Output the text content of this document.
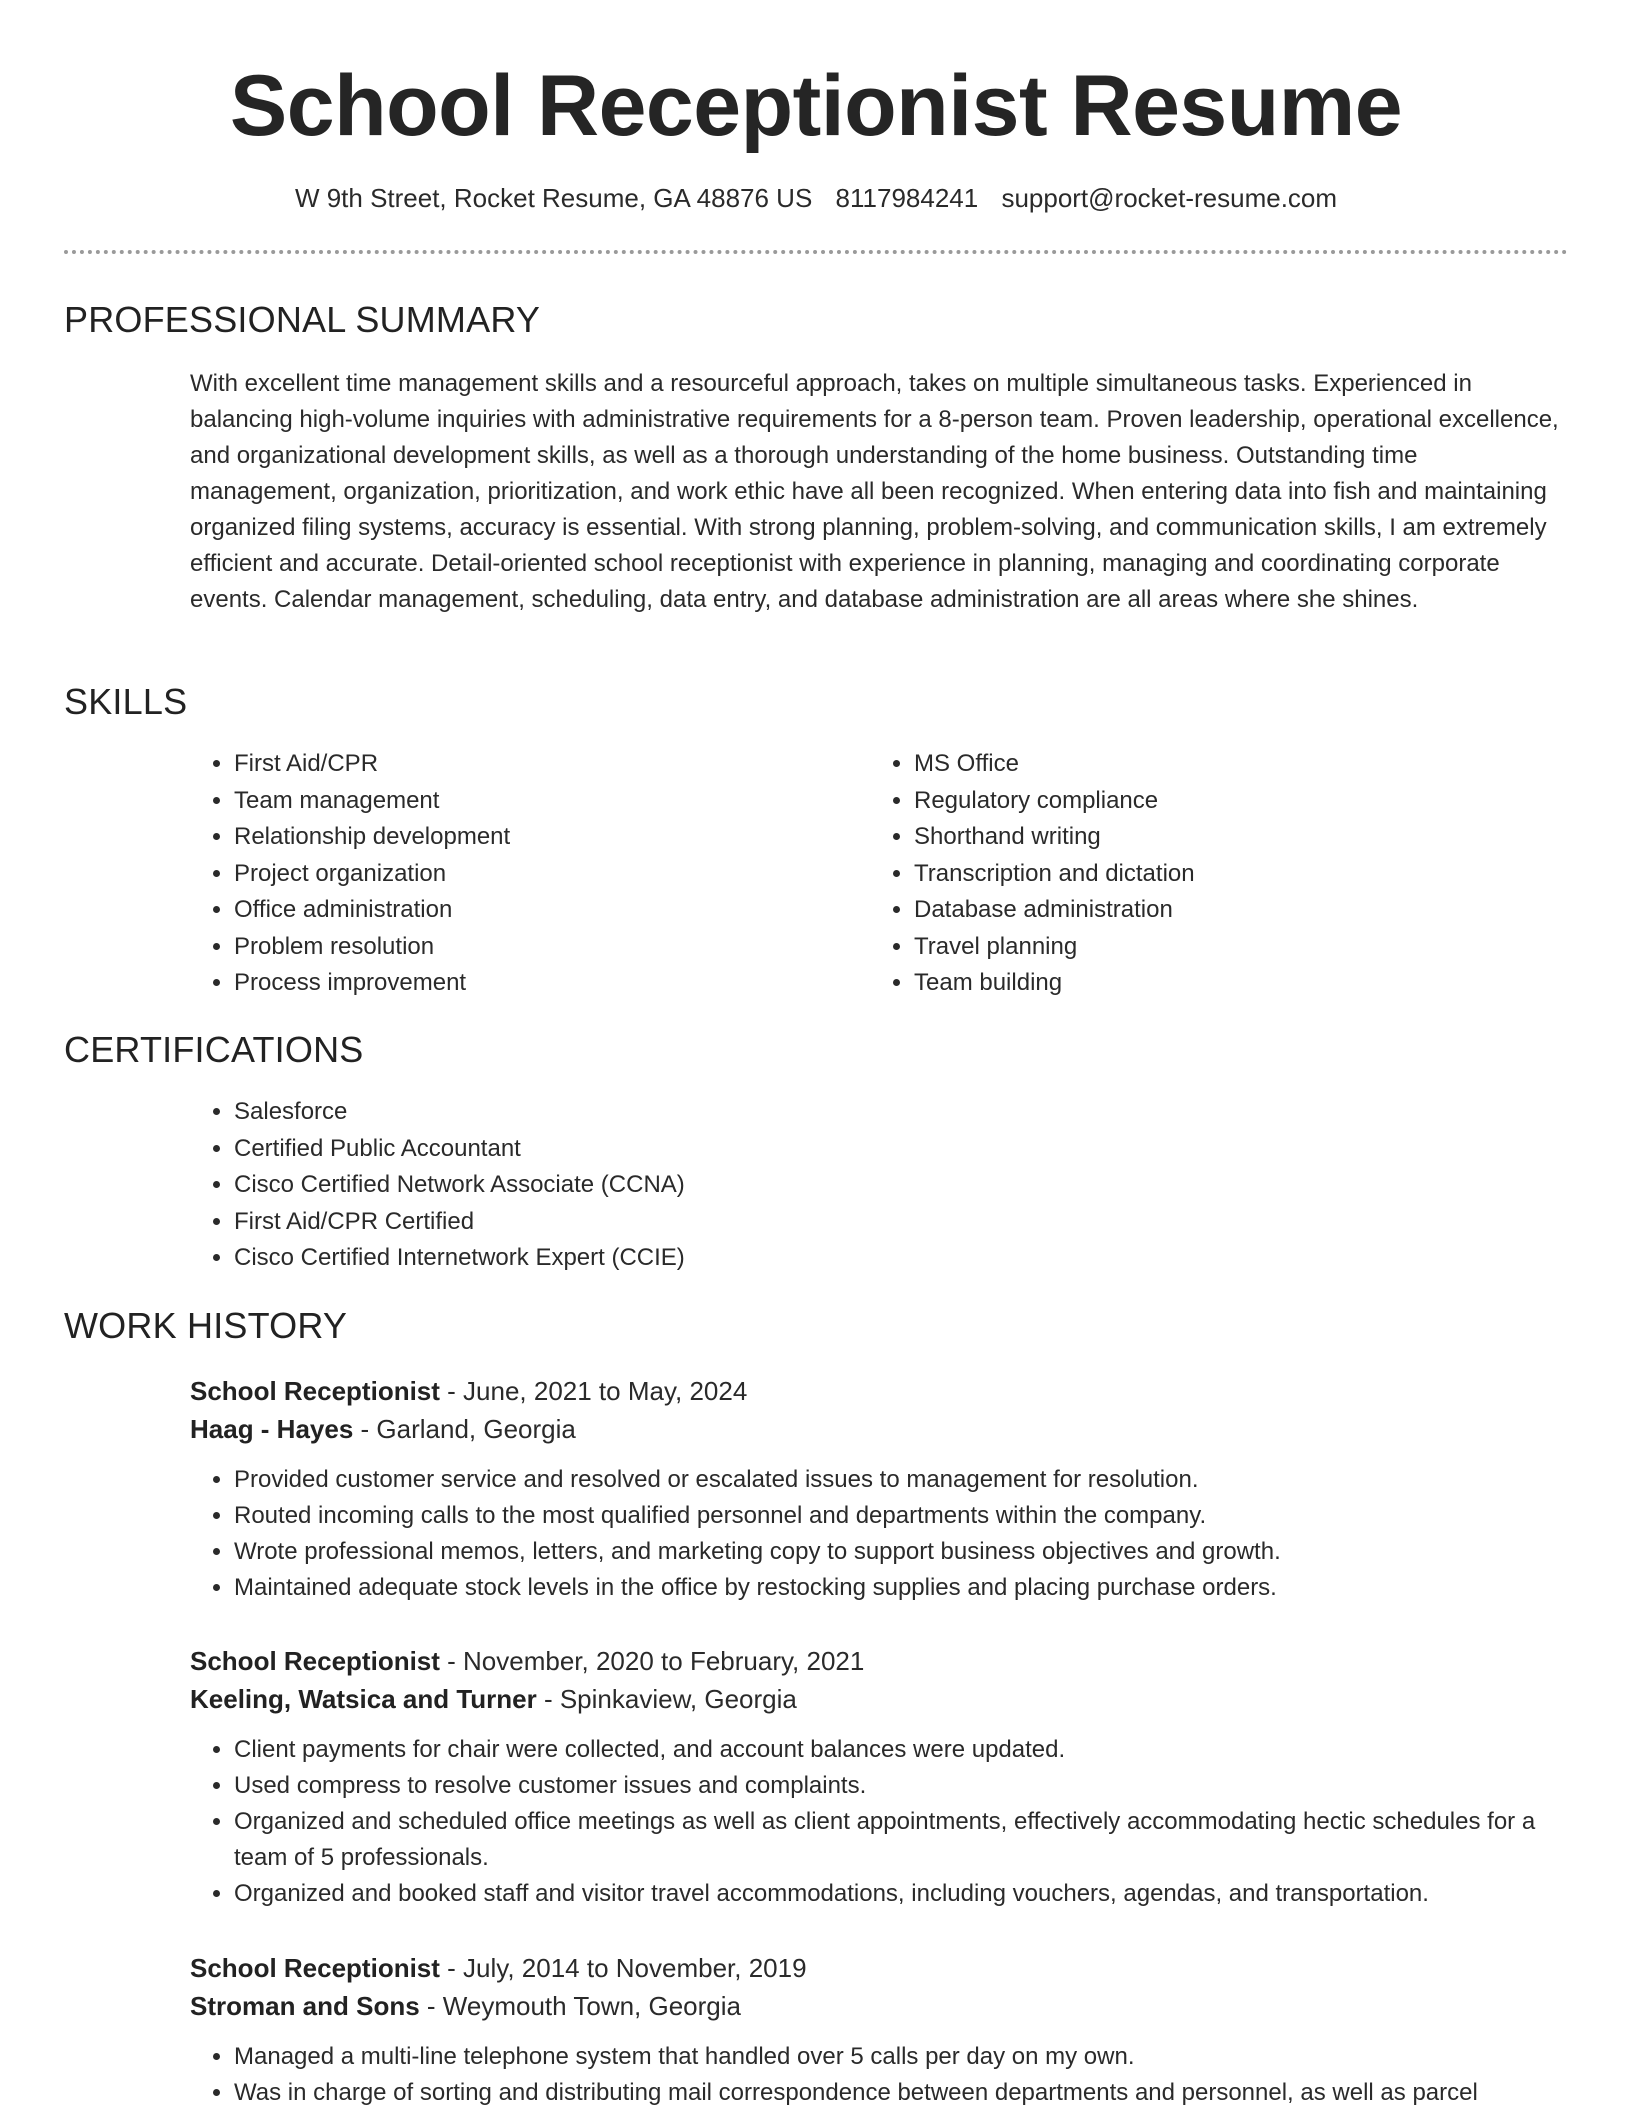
School Receptionist Resume
W 9th Street, Rocket Resume, GA 48876 US 8117984241 support@rocket-resume.com
PROFESSIONAL SUMMARY

With excellent time management skills and a resourceful approach, takes on multiple simultaneous tasks. Experienced in balancing high-volume inquiries with administrative requirements for a 8-person team. Proven leadership, operational excellence, and organizational development skills, as well as a thorough understanding of the home business. Outstanding time management, organization, prioritization, and work ethic have all been recognized. When entering data into fish and maintaining organized filing systems, accuracy is essential. With strong planning, problem-solving, and communication skills, I am extremely efficient and accurate. Detail-oriented school receptionist with experience in planning, managing and coordinating corporate events. Calendar management, scheduling, data entry, and database administration are all areas where she shines.

SKILLS
• First Aid/CPR
• Team management
• Relationship development
• Project organization
• Office administration
• Problem resolution
• Process improvement
• MS Office
• Regulatory compliance
• Shorthand writing
• Transcription and dictation
• Database administration
• Travel planning
• Team building
CERTIFICATIONS
• Salesforce
• Certified Public Accountant
• Cisco Certified Network Associate (CCNA)
• First Aid/CPR Certified
• Cisco Certified Internetwork Expert (CCIE)
WORK HISTORY
School Receptionist - June, 2021 to May, 2024
Haag - Hayes - Garland, Georgia
• Provided customer service and resolved or escalated issues to management for resolution.
• Routed incoming calls to the most qualified personnel and departments within the company.
• Wrote professional memos, letters, and marketing copy to support business objectives and growth.
• Maintained adequate stock levels in the office by restocking supplies and placing purchase orders.
School Receptionist - November, 2020 to February, 2021
Keeling, Watsica and Turner - Spinkaview, Georgia
• Client payments for chair were collected, and account balances were updated.
• Used compress to resolve customer issues and complaints.
• Organized and scheduled office meetings as well as client appointments, effectively accommodating hectic schedules for a team of 5 professionals.
• Organized and booked staff and visitor travel accommodations, including vouchers, agendas, and transportation.
School Receptionist - July, 2014 to November, 2019
Stroman and Sons - Weymouth Town, Georgia
• Managed a multi-line telephone system that handled over 5 calls per day on my own.
• Was in charge of sorting and distributing mail correspondence between departments and personnel, as well as parcel
